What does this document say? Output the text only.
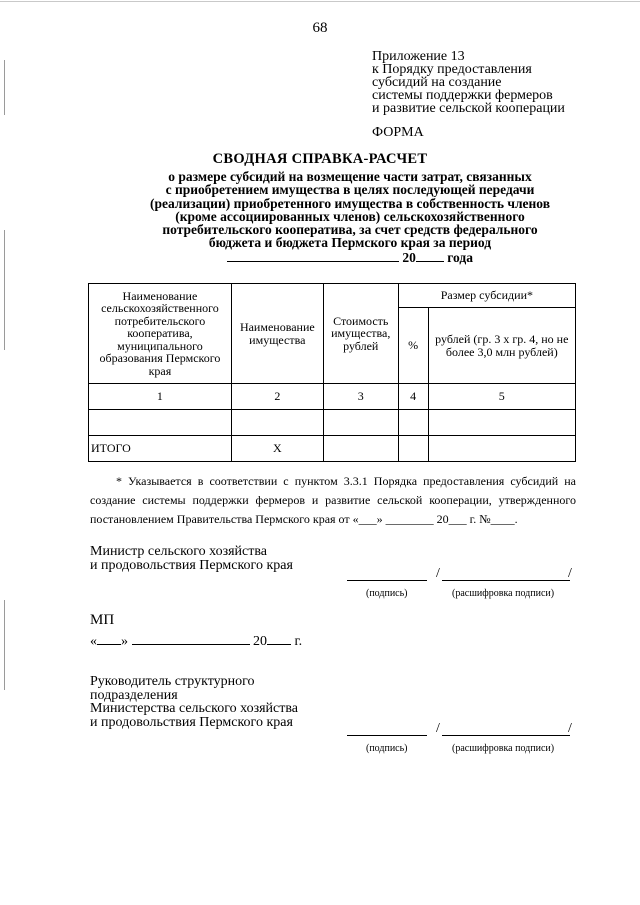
68
Приложение 13
к Порядку предоставления
субсидий на создание
системы поддержки фермеров
и развитие сельской кооперации
ФОРМА
СВОДНАЯ СПРАВКА-РАСЧЕТ
о размере субсидий на возмещение части затрат, связанных
с приобретением имущества в целях последующей передачи
(реализации) приобретенного имущества в собственность членов
(кроме ассоциированных членов) сельскохозяйственного
потребительского кооператива, за счет средств федерального
бюджета и бюджета Пермского края за период
20 года
Наименование сельскохозяйственного потребительского кооператива, муниципального образования Пермского края	Наименование имущества	Стоимость имущества, рублей	Размер субсидии*	
			%	рублей (гр. 3 х гр. 4, но не более 3,0 млн рублей)
1	2	3	4	5

ИТОГО	Х			

* Указывается в соответствии с пунктом 3.3.1 Порядка предоставления субсидий на создание системы поддержки фермеров и развитие сельской кооперации, утвержденного постановлением Правительства Пермского края от «___» ________ 20___ г. №____.

Министр сельского хозяйства
и продовольствия Пермского края
/	/
(подпись)	(расшифровка подписи)
МП
« »	20 г.
Руководитель структурного
подразделения
Министерства сельского хозяйства
и продовольствия Пермского края	/	/
(подпись)	(расшифровка подписи)
